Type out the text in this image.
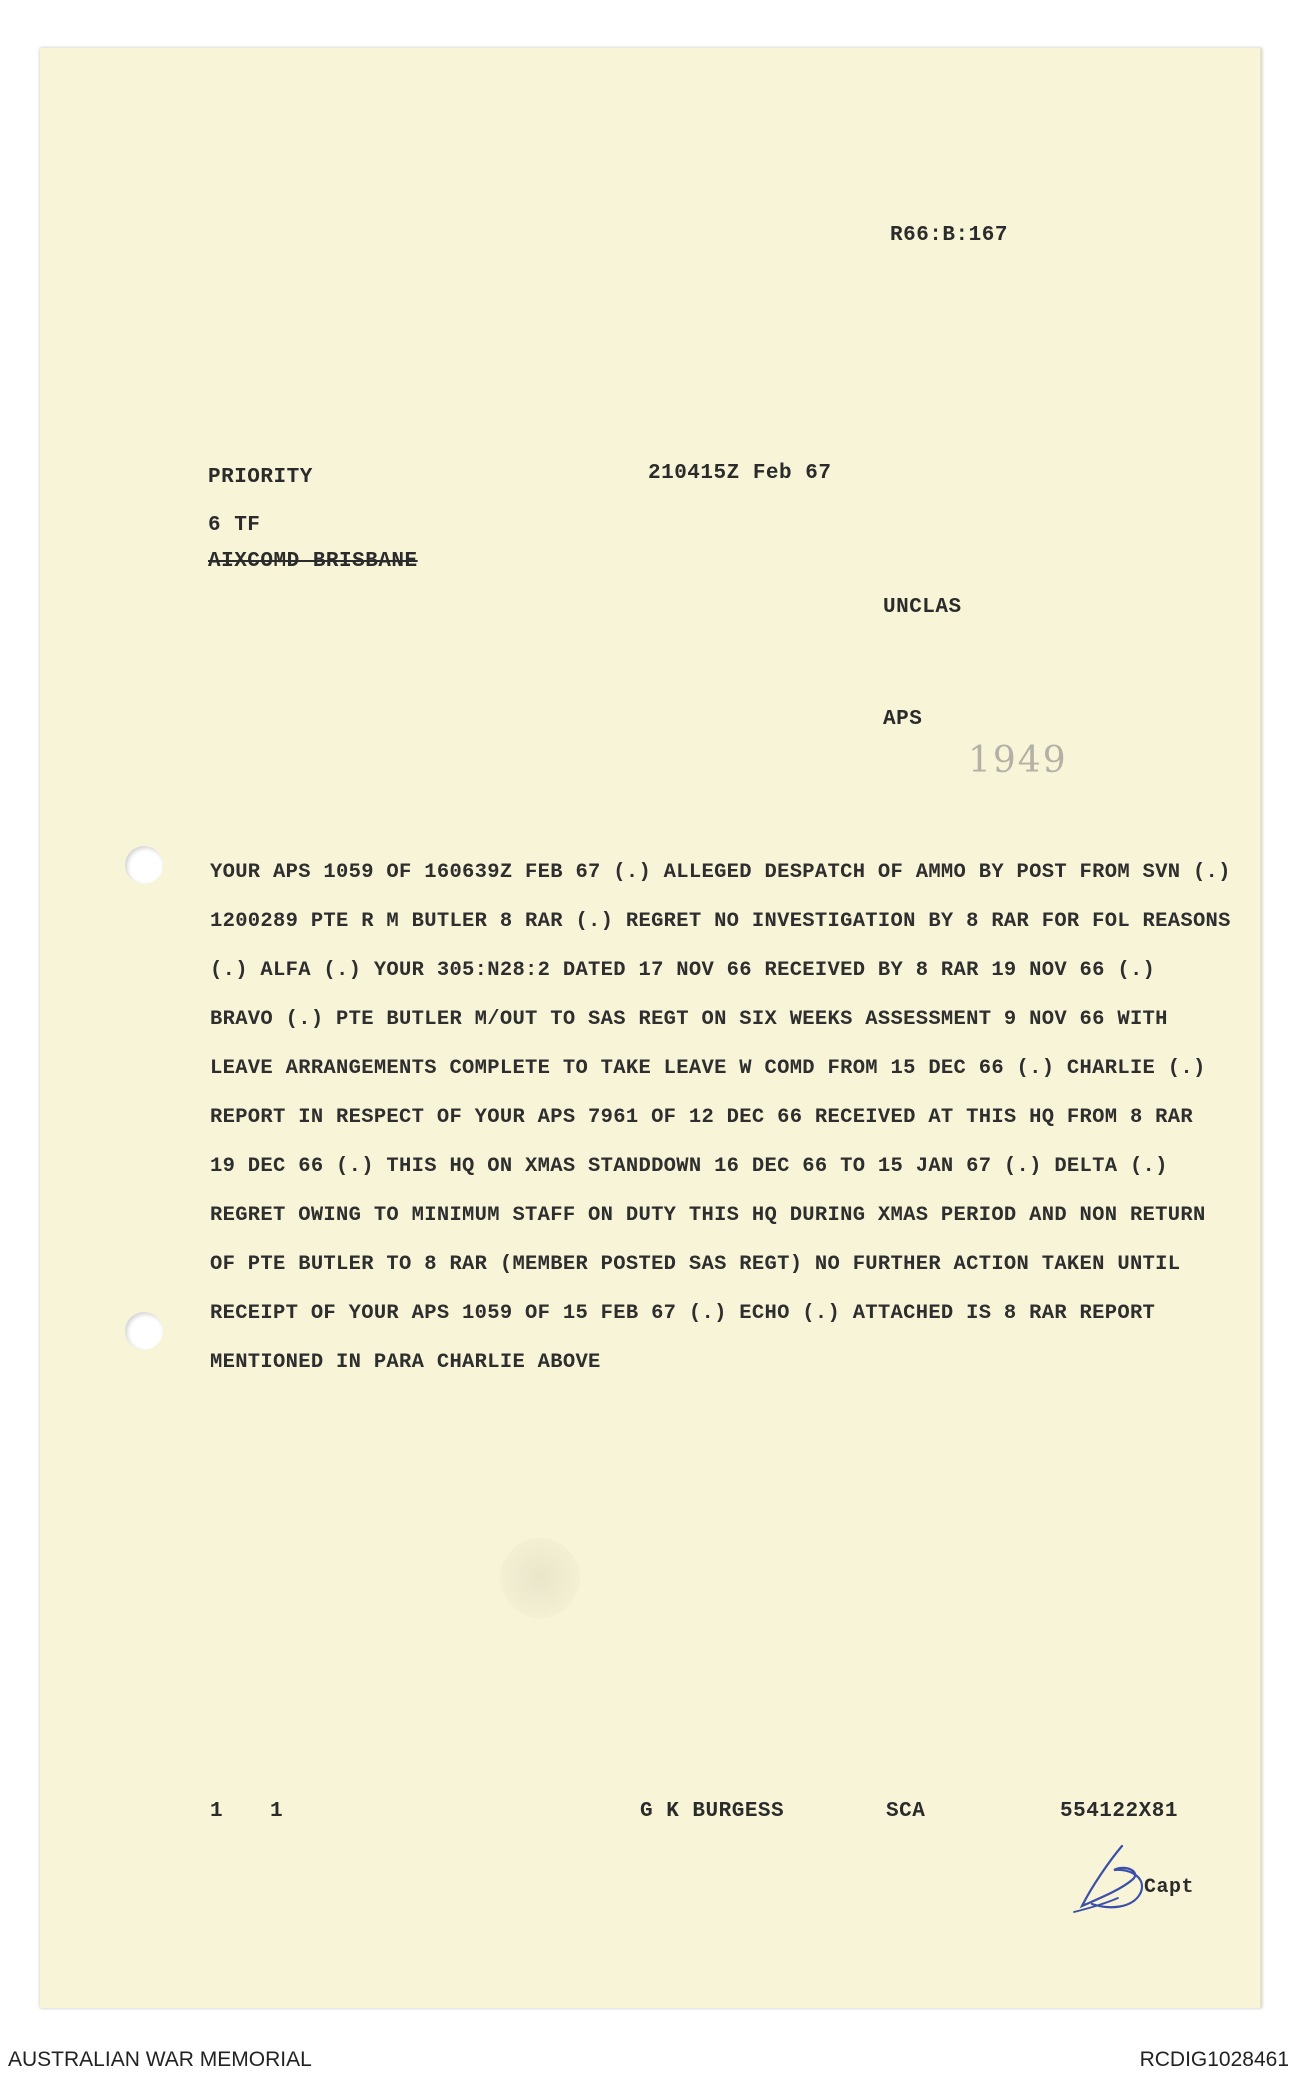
R66:B:167

PRIORITY	210415Z Feb 67

6 TF

AIXCOMD BRISBANE

UNCLAS

APS

1949

YOUR APS 1059 OF 160639Z FEB 67 (.) ALLEGED DESPATCH OF AMMO BY POST FROM SVN (.)
1200289 PTE R M BUTLER 8 RAR (.) REGRET NO INVESTIGATION BY 8 RAR FOR FOL REASONS
(.) ALFA (.) YOUR 305:N28:2 DATED 17 NOV 66 RECEIVED BY 8 RAR 19 NOV 66 (.)
BRAVO (.) PTE BUTLER M/OUT TO SAS REGT ON SIX WEEKS ASSESSMENT 9 NOV 66 WITH
LEAVE ARRANGEMENTS COMPLETE TO TAKE LEAVE W COMD FROM 15 DEC 66 (.) CHARLIE (.)
REPORT IN RESPECT OF YOUR APS 7961 OF 12 DEC 66 RECEIVED AT THIS HQ FROM 8 RAR
19 DEC 66 (.) THIS HQ ON XMAS STANDDOWN 16 DEC 66 TO 15 JAN 67 (.) DELTA (.)
REGRET OWING TO MINIMUM STAFF ON DUTY THIS HQ DURING XMAS PERIOD AND NON RETURN
OF PTE BUTLER TO 8 RAR (MEMBER POSTED SAS REGT) NO FURTHER ACTION TAKEN UNTIL
RECEIPT OF YOUR APS 1059 OF 15 FEB 67 (.) ECHO (.) ATTACHED IS 8 RAR REPORT
MENTIONED IN PARA CHARLIE ABOVE

1 1	G K BURGESS	SCA	554122X81

Capt

AUSTRALIAN WAR MEMORIAL	RCDIG1028461
